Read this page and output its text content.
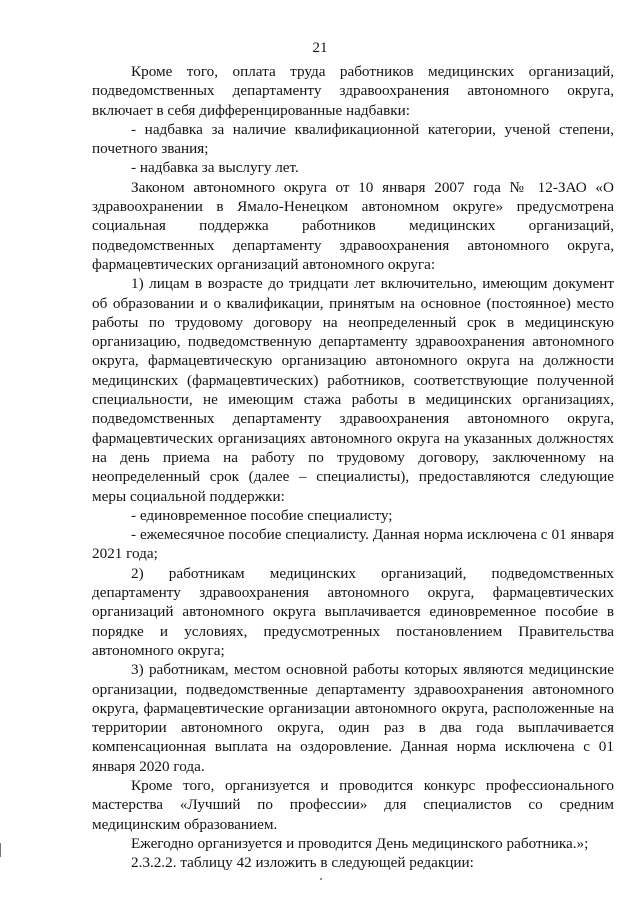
21

Кроме того, оплата труда работников медицинских организаций, подведомственных департаменту здравоохранения автономного округа, включает в себя дифференцированные надбавки:

- надбавка за наличие квалификационной категории, ученой степени, почетного звания;

- надбавка за выслугу лет.

Законом автономного округа от 10 января 2007 года № 12-ЗАО «О здравоохранении в Ямало-Ненецком автономном округе» предусмотрена социальная поддержка работников медицинских организаций, подведомственных департаменту здравоохранения автономного округа, фармацевтических организаций автономного округа:

1) лицам в возрасте до тридцати лет включительно, имеющим документ об образовании и о квалификации, принятым на основное (постоянное) место работы по трудовому договору на неопределенный срок в медицинскую организацию, подведомственную департаменту здравоохранения автономного округа, фармацевтическую организацию автономного округа на должности медицинских (фармацевтических) работников, соответствующие полученной специальности, не имеющим стажа работы в медицинских организациях, подведомственных департаменту здравоохранения автономного округа, фармацевтических организациях автономного округа на указанных должностях на день приема на работу по трудовому договору, заключенному на неопределенный срок (далее – специалисты), предоставляются следующие меры социальной поддержки:

- единовременное пособие специалисту;

- ежемесячное пособие специалисту. Данная норма исключена с 01 января 2021 года;

2) работникам медицинских организаций, подведомственных департаменту здравоохранения автономного округа, фармацевтических организаций автономного округа выплачивается единовременное пособие в порядке и условиях, предусмотренных постановлением Правительства автономного округа;

3) работникам, местом основной работы которых являются медицинские организации, подведомственные департаменту здравоохранения автономного округа, фармацевтические организации автономного округа, расположенные на территории автономного округа, один раз в два года выплачивается компенсационная выплата на оздоровление. Данная норма исключена с 01 января 2020 года.

Кроме того, организуется и проводится конкурс профессионального мастерства «Лучший по профессии» для специалистов со средним медицинским образованием.

Ежегодно организуется и проводится День медицинского работника.»;

2.3.2.2. таблицу 42 изложить в следующей редакции:
